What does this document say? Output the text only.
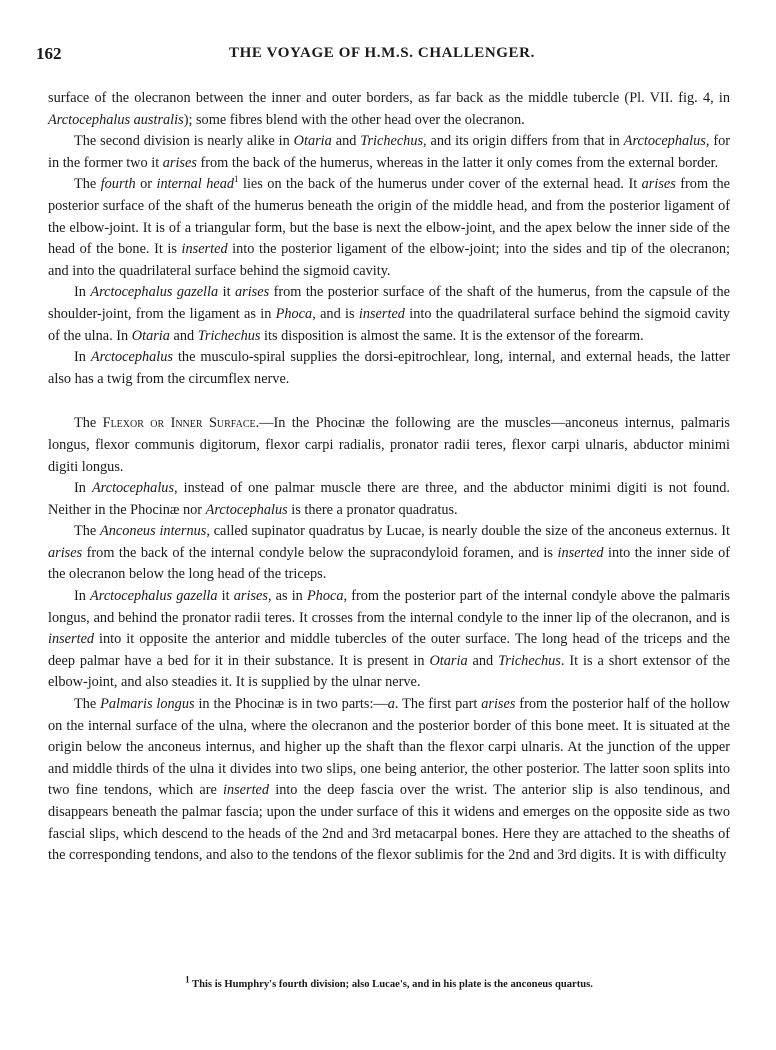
162	THE VOYAGE OF H.M.S. CHALLENGER.

surface of the olecranon between the inner and outer borders, as far back as the middle tubercle (Pl. VII. fig. 4, in Arctocephalus australis); some fibres blend with the other head over the olecranon.

The second division is nearly alike in Otaria and Trichechus, and its origin differs from that in Arctocephalus, for in the former two it arises from the back of the humerus, whereas in the latter it only comes from the external border.

The fourth or internal head$^1$ lies on the back of the humerus under cover of the external head. It arises from the posterior surface of the shaft of the humerus beneath the origin of the middle head, and from the posterior ligament of the elbow-joint. It is of a triangular form, but the base is next the elbow-joint, and the apex below the inner side of the head of the bone. It is inserted into the posterior ligament of the elbow-joint; into the sides and tip of the olecranon; and into the quadrilateral surface behind the sigmoid cavity.

In Arctocephalus gazella it arises from the posterior surface of the shaft of the humerus, from the capsule of the shoulder-joint, from the ligament as in Phoca, and is inserted into the quadrilateral surface behind the sigmoid cavity of the ulna. In Otaria and Trichechus its disposition is almost the same. It is the extensor of the forearm.

In Arctocephalus the musculo-spiral supplies the dorsi-epitrochlear, long, internal, and external heads, the latter also has a twig from the circumflex nerve.

The Flexor or Inner Surface.—In the Phocinæ the following are the muscles—anconeus internus, palmaris longus, flexor communis digitorum, flexor carpi radialis, pronator radii teres, flexor carpi ulnaris, abductor minimi digiti longus.

In Arctocephalus, instead of one palmar muscle there are three, and the abductor minimi digiti is not found. Neither in the Phocinæ nor Arctocephalus is there a pronator quadratus.

The Anconeus internus, called supinator quadratus by Lucae, is nearly double the size of the anconeus externus. It arises from the back of the internal condyle below the supracondyloid foramen, and is inserted into the inner side of the olecranon below the long head of the triceps.

In Arctocephalus gazella it arises, as in Phoca, from the posterior part of the internal condyle above the palmaris longus, and behind the pronator radii teres. It crosses from the internal condyle to the inner lip of the olecranon, and is inserted into it opposite the anterior and middle tubercles of the outer surface. The long head of the triceps and the deep palmar have a bed for it in their substance. It is present in Otaria and Trichechus. It is a short extensor of the elbow-joint, and also steadies it. It is supplied by the ulnar nerve.

The Palmaris longus in the Phocinæ is in two parts:—a. The first part arises from the posterior half of the hollow on the internal surface of the ulna, where the olecranon and the posterior border of this bone meet. It is situated at the origin below the anconeus internus, and higher up the shaft than the flexor carpi ulnaris. At the junction of the upper and middle thirds of the ulna it divides into two slips, one being anterior, the other posterior. The latter soon splits into two fine tendons, which are inserted into the deep fascia over the wrist. The anterior slip is also tendinous, and disappears beneath the palmar fascia; upon the under surface of this it widens and emerges on the opposite side as two fascial slips, which descend to the heads of the 2nd and 3rd metacarpal bones. Here they are attached to the sheaths of the corresponding tendons, and also to the tendons of the flexor sublimis for the 2nd and 3rd digits. It is with difficulty

$^1$ This is Humphry's fourth division; also Lucae's, and in his plate is the anconeus quartus.
